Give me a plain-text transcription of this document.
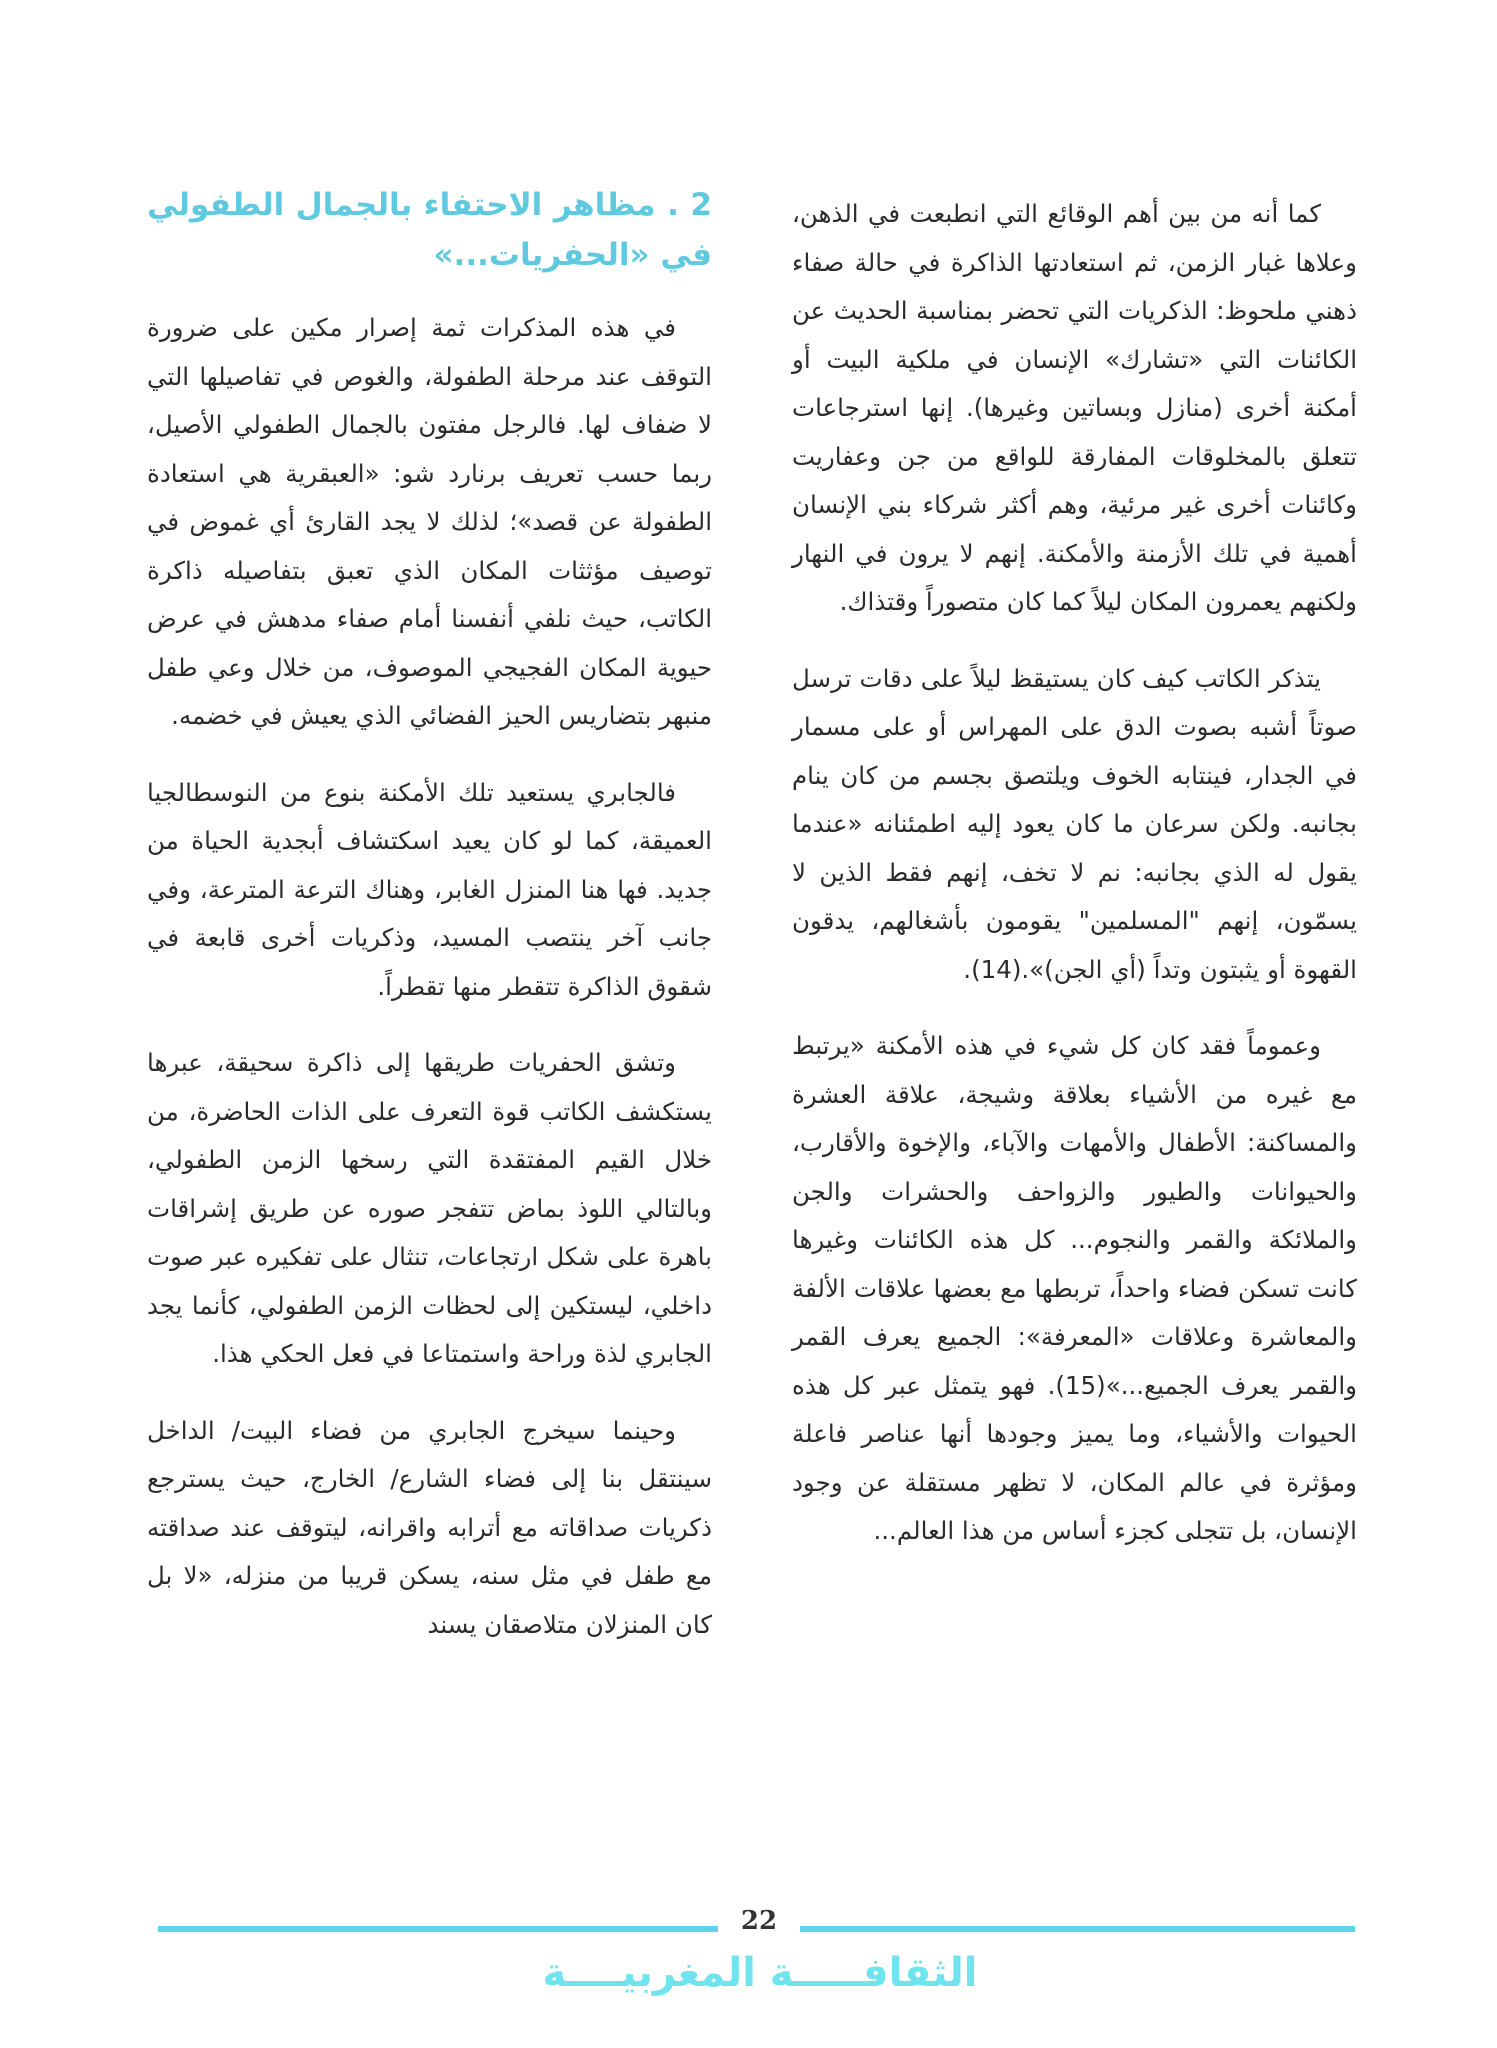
كما أنه من بين أهم الوقائع التي انطبعت في الذهن، وعلاها غبار الزمن، ثم استعادتها الذاكرة في حالة صفاء ذهني ملحوظ: الذكريات التي تحضر بمناسبة الحديث عن الكائنات التي «تشارك» الإنسان في ملكية البيت أو أمكنة أخرى (منازل وبساتين وغيرها). إنها استرجاعات تتعلق بالمخلوقات المفارقة للواقع من جن وعفاريت وكائنات أخرى غير مرئية، وهم أكثر شركاء بني الإنسان أهمية في تلك الأزمنة والأمكنة. إنهم لا يرون في النهار ولكنهم يعمرون المكان ليلاً كما كان متصوراً وقتذاك.

يتذكر الكاتب كيف كان يستيقظ ليلاً على دقات ترسل صوتاً أشبه بصوت الدق على المهراس أو على مسمار في الجدار، فينتابه الخوف ويلتصق بجسم من كان ينام بجانبه. ولكن سرعان ما كان يعود إليه اطمئنانه «عندما يقول له الذي بجانبه: نم لا تخف، إنهم فقط الذين لا يسمّون، إنهم "المسلمين" يقومون بأشغالهم، يدقون القهوة أو يثبتون وتداً (أي الجن)».(14).

وعموماً فقد كان كل شيء في هذه الأمكنة «يرتبط مع غيره من الأشياء بعلاقة وشيجة، علاقة العشرة والمساكنة: الأطفال والأمهات والآباء، والإخوة والأقارب، والحيوانات والطيور والزواحف والحشرات والجن والملائكة والقمر والنجوم... كل هذه الكائنات وغيرها كانت تسكن فضاء واحداً، تربطها مع بعضها علاقات الألفة والمعاشرة وعلاقات «المعرفة»: الجميع يعرف القمر والقمر يعرف الجميع...»(15). فهو يتمثل عبر كل هذه الحيوات والأشياء، وما يميز وجودها أنها عناصر فاعلة ومؤثرة في عالم المكان، لا تظهر مستقلة عن وجود الإنسان، بل تتجلى كجزء أساس من هذا العالم...

2 . مظاهر الاحتفاء بالجمال الطفولي في «الحفريات...»

في هذه المذكرات ثمة إصرار مكين على ضرورة التوقف عند مرحلة الطفولة، والغوص في تفاصيلها التي لا ضفاف لها. فالرجل مفتون بالجمال الطفولي الأصيل، ربما حسب تعريف برنارد شو: «العبقرية هي استعادة الطفولة عن قصد»؛ لذلك لا يجد القارئ أي غموض في توصيف مؤثثات المكان الذي تعبق بتفاصيله ذاكرة الكاتب، حيث نلفي أنفسنا أمام صفاء مدهش في عرض حيوية المكان الفجيجي الموصوف، من خلال وعي طفل منبهر بتضاريس الحيز الفضائي الذي يعيش في خضمه.

فالجابري يستعيد تلك الأمكنة بنوع من النوسطالجيا العميقة، كما لو كان يعيد اسكتشاف أبجدية الحياة من جديد. فها هنا المنزل الغابر، وهناك الترعة المترعة، وفي جانب آخر ينتصب المسيد، وذكريات أخرى قابعة في شقوق الذاكرة تتقطر منها تقطراً.

وتشق الحفريات طريقها إلى ذاكرة سحيقة، عبرها يستكشف الكاتب قوة التعرف على الذات الحاضرة، من خلال القيم المفتقدة التي رسخها الزمن الطفولي، وبالتالي اللوذ بماض تتفجر صوره عن طريق إشراقات باهرة على شكل ارتجاعات، تنثال على تفكيره عبر صوت داخلي، ليستكين إلى لحظات الزمن الطفولي، كأنما يجد الجابري لذة وراحة واستمتاعا في فعل الحكي هذا.

وحينما سيخرج الجابري من فضاء البيت/ الداخل سينتقل بنا إلى فضاء الشارع/ الخارج، حيث يسترجع ذكريات صداقاته مع أترابه واقرانه، ليتوقف عند صداقته مع طفل في مثل سنه، يسكن قريبا من منزله، «لا بل كان المنزلان متلاصقان يسند

22
الثقافـــــة المغربيــــة
